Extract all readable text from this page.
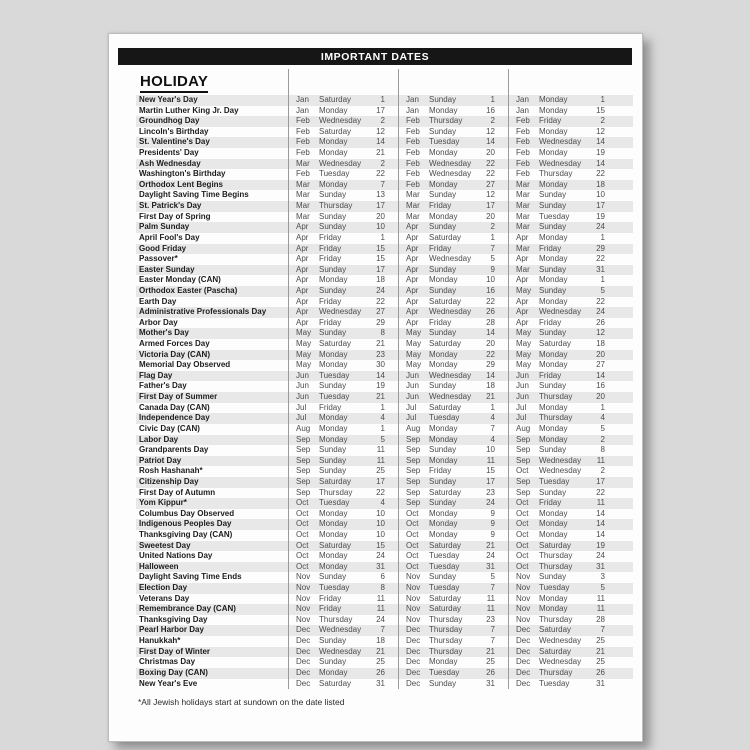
IMPORTANT DATES
HOLIDAY
New Year's Day	Jan	Saturday	1	Jan	Sunday	1	Jan	Monday	1
Martin Luther King Jr. Day	Jan	Monday	17	Jan	Monday	16	Jan	Monday	15
Groundhog Day	Feb	Wednesday	2	Feb	Thursday	2	Feb	Friday	2
Lincoln's Birthday	Feb	Saturday	12	Feb	Sunday	12	Feb	Monday	12
St. Valentine's Day	Feb	Monday	14	Feb	Tuesday	14	Feb	Wednesday	14
Presidents' Day	Feb	Monday	21	Feb	Monday	20	Feb	Monday	19
Ash Wednesday	Mar	Wednesday	2	Feb	Wednesday	22	Feb	Wednesday	14
Washington's Birthday	Feb	Tuesday	22	Feb	Wednesday	22	Feb	Thursday	22
Orthodox Lent Begins	Mar	Monday	7	Feb	Monday	27	Mar	Monday	18
Daylight Saving Time Begins	Mar	Sunday	13	Mar	Sunday	12	Mar	Sunday	10
St. Patrick's Day	Mar	Thursday	17	Mar	Friday	17	Mar	Sunday	17
First Day of Spring	Mar	Sunday	20	Mar	Monday	20	Mar	Tuesday	19
Palm Sunday	Apr	Sunday	10	Apr	Sunday	2	Mar	Sunday	24
April Fool's Day	Apr	Friday	1	Apr	Saturday	1	Apr	Monday	1
Good Friday	Apr	Friday	15	Apr	Friday	7	Mar	Friday	29
Passover*	Apr	Friday	15	Apr	Wednesday	5	Apr	Monday	22
Easter Sunday	Apr	Sunday	17	Apr	Sunday	9	Mar	Sunday	31
Easter Monday (CAN)	Apr	Monday	18	Apr	Monday	10	Apr	Monday	1
Orthodox Easter (Pascha)	Apr	Sunday	24	Apr	Sunday	16	May Sunday	5
Earth Day	Apr	Friday	22	Apr	Saturday	22	Apr	Monday	22
Administrative Professionals Day	Apr	Wednesday	27	Apr	Wednesday	26	Apr	Wednesday	24
Arbor Day	Apr	Friday	29	Apr	Friday	28	Apr	Friday	26
Mother's Day	May Sunday	8	May Sunday	14	May Sunday	12
Armed Forces Day	May Saturday	21	May Saturday	20	May Saturday	18
Victoria Day (CAN)	May Monday	23	May Monday	22	May Monday	20
Memorial Day Observed	May Monday	30	May Monday	29	May Monday	27
Flag Day	Jun	Tuesday	14	Jun	Wednesday	14	Jun	Friday	14
Father's Day	Jun	Sunday	19	Jun	Sunday	18	Jun	Sunday	16
First Day of Summer	Jun	Tuesday	21	Jun	Wednesday	21	Jun	Thursday	20
Canada Day (CAN)	Jul	Friday	1	Jul	Saturday	1	Jul	Monday	1
Independence Day	Jul	Monday	4	Jul	Tuesday	4	Jul	Thursday	4
Civic Day (CAN)	Aug	Monday	1	Aug	Monday	7	Aug	Monday	5
Labor Day	Sep	Monday	5	Sep	Monday	4	Sep	Monday	2
Grandparents Day	Sep	Sunday	11	Sep	Sunday	10	Sep	Sunday	8
Patriot Day	Sep	Sunday	11	Sep	Monday	11	Sep	Wednesday	11
Rosh Hashanah*	Sep	Sunday	25	Sep	Friday	15	Oct	Wednesday	2
Citizenship Day	Sep	Saturday	17	Sep	Sunday	17	Sep	Tuesday	17
First Day of Autumn	Sep	Thursday	22	Sep	Saturday	23	Sep	Sunday	22
Yom Kippur*	Oct	Tuesday	4	Sep	Sunday	24	Oct	Friday	11
Columbus Day Observed	Oct	Monday	10	Oct	Monday	9	Oct	Monday	14
Indigenous Peoples Day	Oct	Monday	10	Oct	Monday	9	Oct	Monday	14
Thanksgiving Day (CAN)	Oct	Monday	10	Oct	Monday	9	Oct	Monday	14
Sweetest Day	Oct	Saturday	15	Oct	Saturday	21	Oct	Saturday	19
United Nations Day	Oct	Monday	24	Oct	Tuesday	24	Oct	Thursday	24
Halloween	Oct	Monday	31	Oct	Tuesday	31	Oct	Thursday	31
Daylight Saving Time Ends	Nov	Sunday	6	Nov	Sunday	5	Nov	Sunday	3
Election Day	Nov	Tuesday	8	Nov	Tuesday	7	Nov	Tuesday	5
Veterans Day	Nov	Friday	11	Nov	Saturday	11	Nov	Monday	11
Remembrance Day (CAN)	Nov	Friday	11	Nov	Saturday	11	Nov	Monday	11
Thanksgiving Day	Nov	Thursday	24	Nov	Thursday	23	Nov	Thursday	28
Pearl Harbor Day	Dec	Wednesday	7	Dec	Thursday	7	Dec	Saturday	7
Hanukkah*	Dec	Sunday	18	Dec	Thursday	7	Dec	Wednesday	25
First Day of Winter	Dec	Wednesday	21	Dec	Thursday	21	Dec	Saturday	21
Christmas Day	Dec	Sunday	25	Dec	Monday	25	Dec	Wednesday	25
Boxing Day (CAN)	Dec	Monday	26	Dec	Tuesday	26	Dec	Thursday	26
New Year's Eve	Dec	Saturday	31	Dec	Sunday	31	Dec	Tuesday	31
*All Jewish holidays start at sundown on the date listed
